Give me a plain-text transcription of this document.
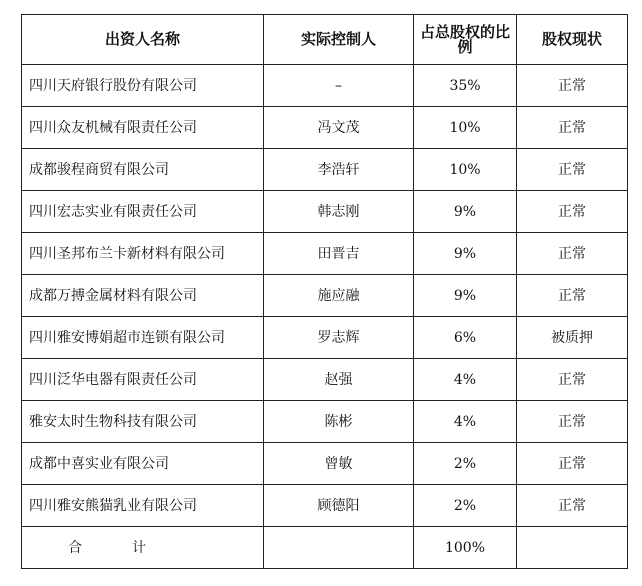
出资人名称	实际控制人	占总股权的比例	股权现状
四川天府银行股份有限公司	–	35%	正常
四川众友机械有限责任公司	冯文茂	10%	正常
成都骏程商贸有限公司	李浩轩	10%	正常
四川宏志实业有限责任公司	韩志刚	9%	正常
四川圣邦布兰卡新材料有限公司	田晋吉	9%	正常
成都万搏金属材料有限公司	施应融	9%	正常
四川雅安博娟超市连锁有限公司	罗志辉	6%	被质押
四川泛华电器有限责任公司	赵强	4%	正常
雅安太时生物科技有限公司	陈彬	4%	正常
成都中喜实业有限公司	曾敏	2%	正常
四川雅安熊猫乳业有限公司	顾德阳	2%	正常
合 计		100%	
